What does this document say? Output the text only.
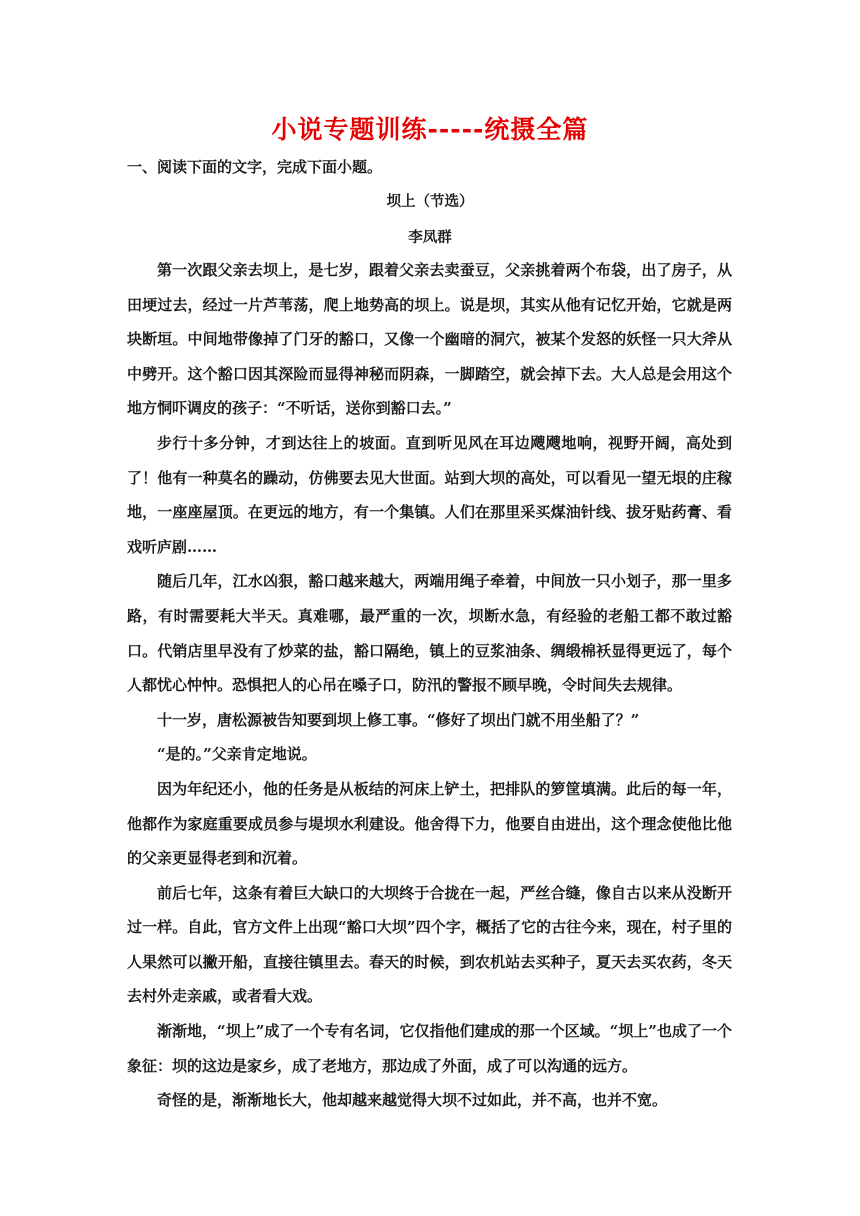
小说专题训练-----统摄全篇
一、阅读下面的文字，完成下面小题。
坝上（节选）
李凤群

第一次跟父亲去坝上，是七岁，跟着父亲去卖蚕豆，父亲挑着两个布袋，出了房子，从田埂过去，经过一片芦苇荡，爬上地势高的坝上。说是坝，其实从他有记忆开始，它就是两块断垣。中间地带像掉了门牙的豁口，又像一个幽暗的洞穴，被某个发怒的妖怪一只大斧从中劈开。这个豁口因其深险而显得神秘而阴森，一脚踏空，就会掉下去。大人总是会用这个地方恫吓调皮的孩子：“不听话，送你到豁口去。”

步行十多分钟，才到达往上的坡面。直到听见风在耳边飕飕地响，视野开阔，高处到了！他有一种莫名的躁动，仿佛要去见大世面。站到大坝的高处，可以看见一望无垠的庄稼地，一座座屋顶。在更远的地方，有一个集镇。人们在那里采买煤油针线、拔牙贴药膏、看戏听庐剧……

随后几年，江水凶狠，豁口越来越大，两端用绳子牵着，中间放一只小划子，那一里多路，有时需要耗大半天。真难哪，最严重的一次，坝断水急，有经验的老船工都不敢过豁口。代销店里早没有了炒菜的盐，豁口隔绝，镇上的豆浆油条、绸缎棉袄显得更远了，每个人都忧心忡忡。恐惧把人的心吊在嗓子口，防汛的警报不顾早晚，令时间失去规律。

十一岁，唐松源被告知要到坝上修工事。“修好了坝出门就不用坐船了？”

“是的。”父亲肯定地说。

因为年纪还小，他的任务是从板结的河床上铲土，把排队的箩筐填满。此后的每一年，他都作为家庭重要成员参与堤坝水利建设。他舍得下力，他要自由进出，这个理念使他比他的父亲更显得老到和沉着。

前后七年，这条有着巨大缺口的大坝终于合拢在一起，严丝合缝，像自古以来从没断开过一样。自此，官方文件上出现“豁口大坝”四个字，概括了它的古往今来，现在，村子里的人果然可以撇开船，直接往镇里去。春天的时候，到农机站去买种子，夏天去买农药，冬天去村外走亲戚，或者看大戏。

渐渐地，“坝上”成了一个专有名词，它仅指他们建成的那一个区域。“坝上”也成了一个象征：坝的这边是家乡，成了老地方，那边成了外面，成了可以沟通的远方。

奇怪的是，渐渐地长大，他却越来越觉得大坝不过如此，并不高，也并不宽。
